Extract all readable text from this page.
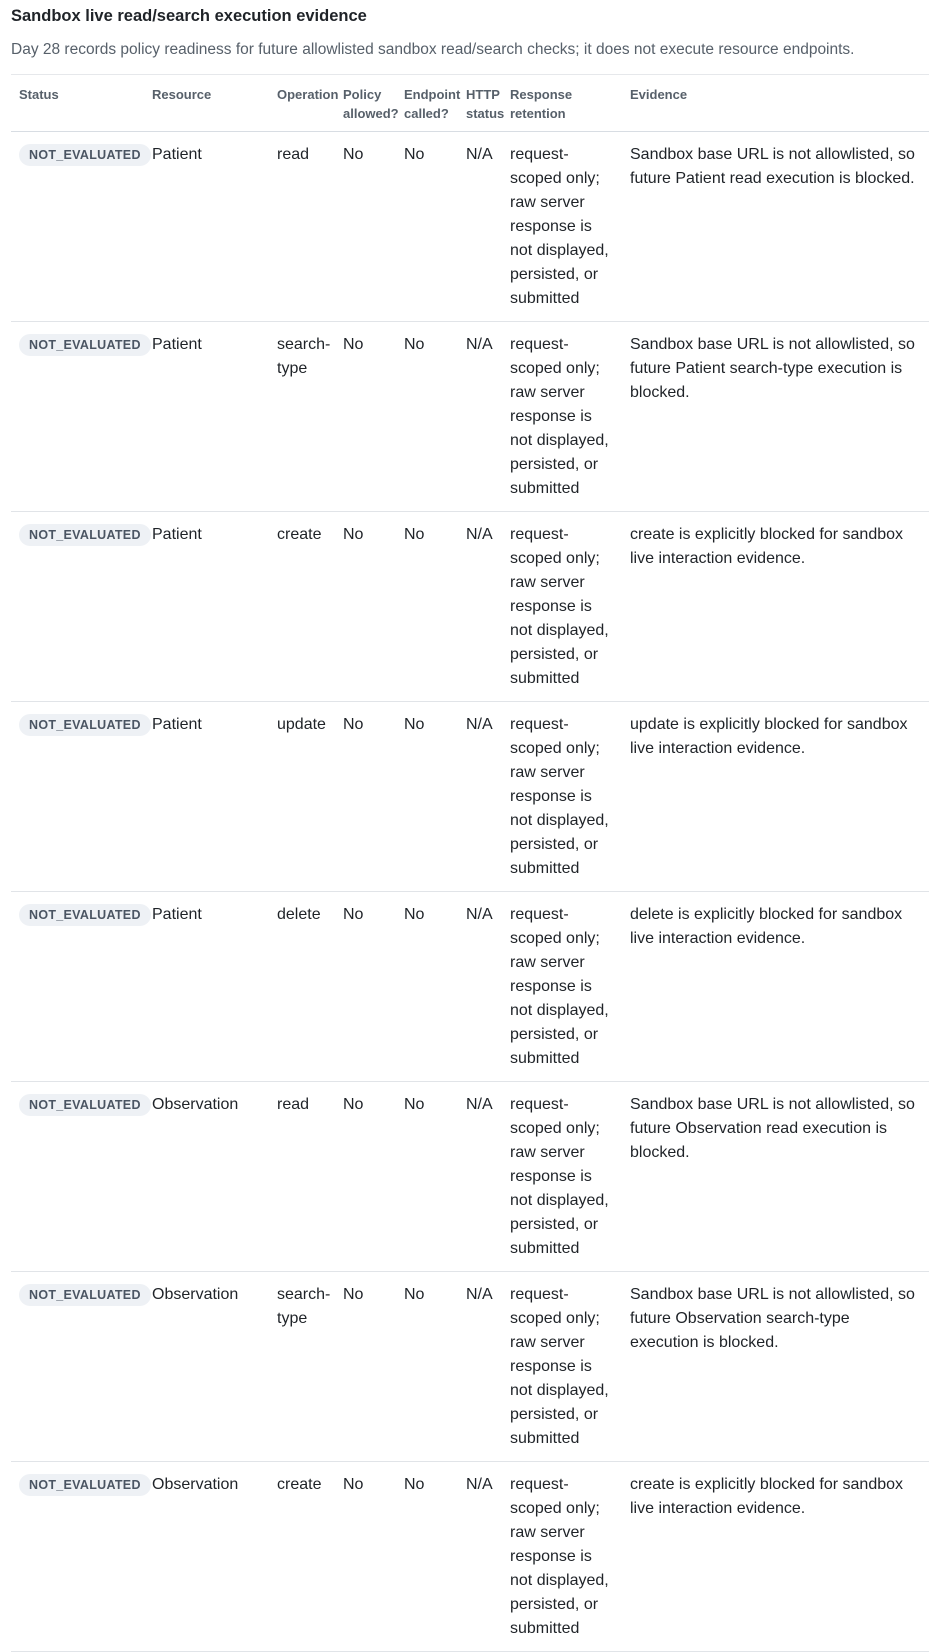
Sandbox live read/search execution evidence

Day 28 records policy readiness for future allowlisted sandbox read/search checks; it does not execute resource endpoints.

Status	Resource	Operation	Policy allowed?	Endpoint called?	HTTP status	Response retention	Evidence
NOT_EVALUATED	Patient	read	No	No	N/A	request-scoped only; raw server response is not displayed, persisted, or submitted	Sandbox base URL is not allowlisted, so future Patient read execution is blocked.
NOT_EVALUATED	Patient	search-type	No	No	N/A	request-scoped only; raw server response is not displayed, persisted, or submitted	Sandbox base URL is not allowlisted, so future Patient search-type execution is blocked.
NOT_EVALUATED	Patient	create	No	No	N/A	request-scoped only; raw server response is not displayed, persisted, or submitted	create is explicitly blocked for sandbox live interaction evidence.
NOT_EVALUATED	Patient	update	No	No	N/A	request-scoped only; raw server response is not displayed, persisted, or submitted	update is explicitly blocked for sandbox live interaction evidence.
NOT_EVALUATED	Patient	delete	No	No	N/A	request-scoped only; raw server response is not displayed, persisted, or submitted	delete is explicitly blocked for sandbox live interaction evidence.
NOT_EVALUATED	Observation	read	No	No	N/A	request-scoped only; raw server response is not displayed, persisted, or submitted	Sandbox base URL is not allowlisted, so future Observation read execution is blocked.
NOT_EVALUATED	Observation	search-type	No	No	N/A	request-scoped only; raw server response is not displayed, persisted, or submitted	Sandbox base URL is not allowlisted, so future Observation search-type execution is blocked.
NOT_EVALUATED	Observation	create	No	No	N/A	request-scoped only; raw server response is not displayed, persisted, or submitted	create is explicitly blocked for sandbox live interaction evidence.
